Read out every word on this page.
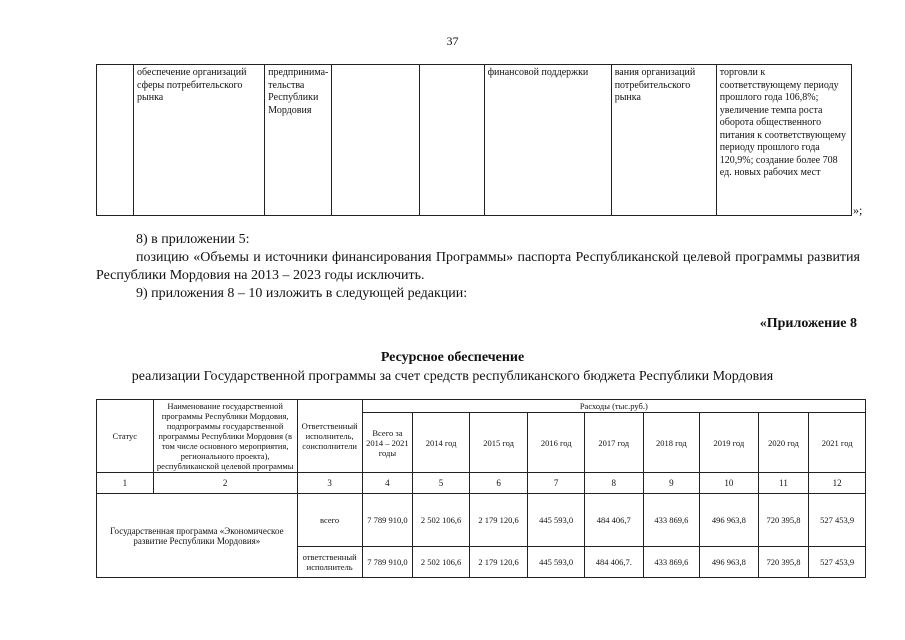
37
	обеспечение организаций сферы потребительского рынка	предпринима-тельства Республики Мордовия			финансовой поддержки	вания организаций потребительского рынка	торговли к соответствующему периоду прошлого года 106,8%; увеличение темпа роста оборота общественного питания к соответствующему периоду прошлого года 120,9%; создание более 708 ед. новых рабочих мест
»;
8) в приложении 5:
позицию «Объемы и источники финансирования Программы» паспорта Республиканской целевой программы развития Республики Мордовия на 2013 – 2023 годы исключить.
9) приложения 8 – 10 изложить в следующей редакции:
«Приложение 8
Ресурсное обеспечение
реализации Государственной программы за счет средств республиканского бюджета Республики Мордовия
Статус	Наименование государственной программы Республики Мордовия, подпрограммы государственной программы Республики Мордовия (в том числе основного мероприятия, регионального проекта), республиканской целевой программы	Ответственный исполнитель, соисполнители	Расходы (тыс.руб.)								
			Всего за 2014 – 2021 годы	2014 год	2015 год	2016 год	2017 год	2018 год	2019 год	2020 год	2021 год
1	2	3	4	5	6	7	8	9	10	11	12
Государственная программа «Экономическое развитие Республики Мордовия»		всего	7 789 910,0	2 502 106,6	2 179 120,6	445 593,0	484 406,7	433 869,6	496 963,8	720 395,8	527 453,9
		ответственный исполнитель	7 789 910,0	2 502 106,6	2 179 120,6	445 593,0	484 406,7.	433 869,6	496 963,8	720 395,8	527 453,9
